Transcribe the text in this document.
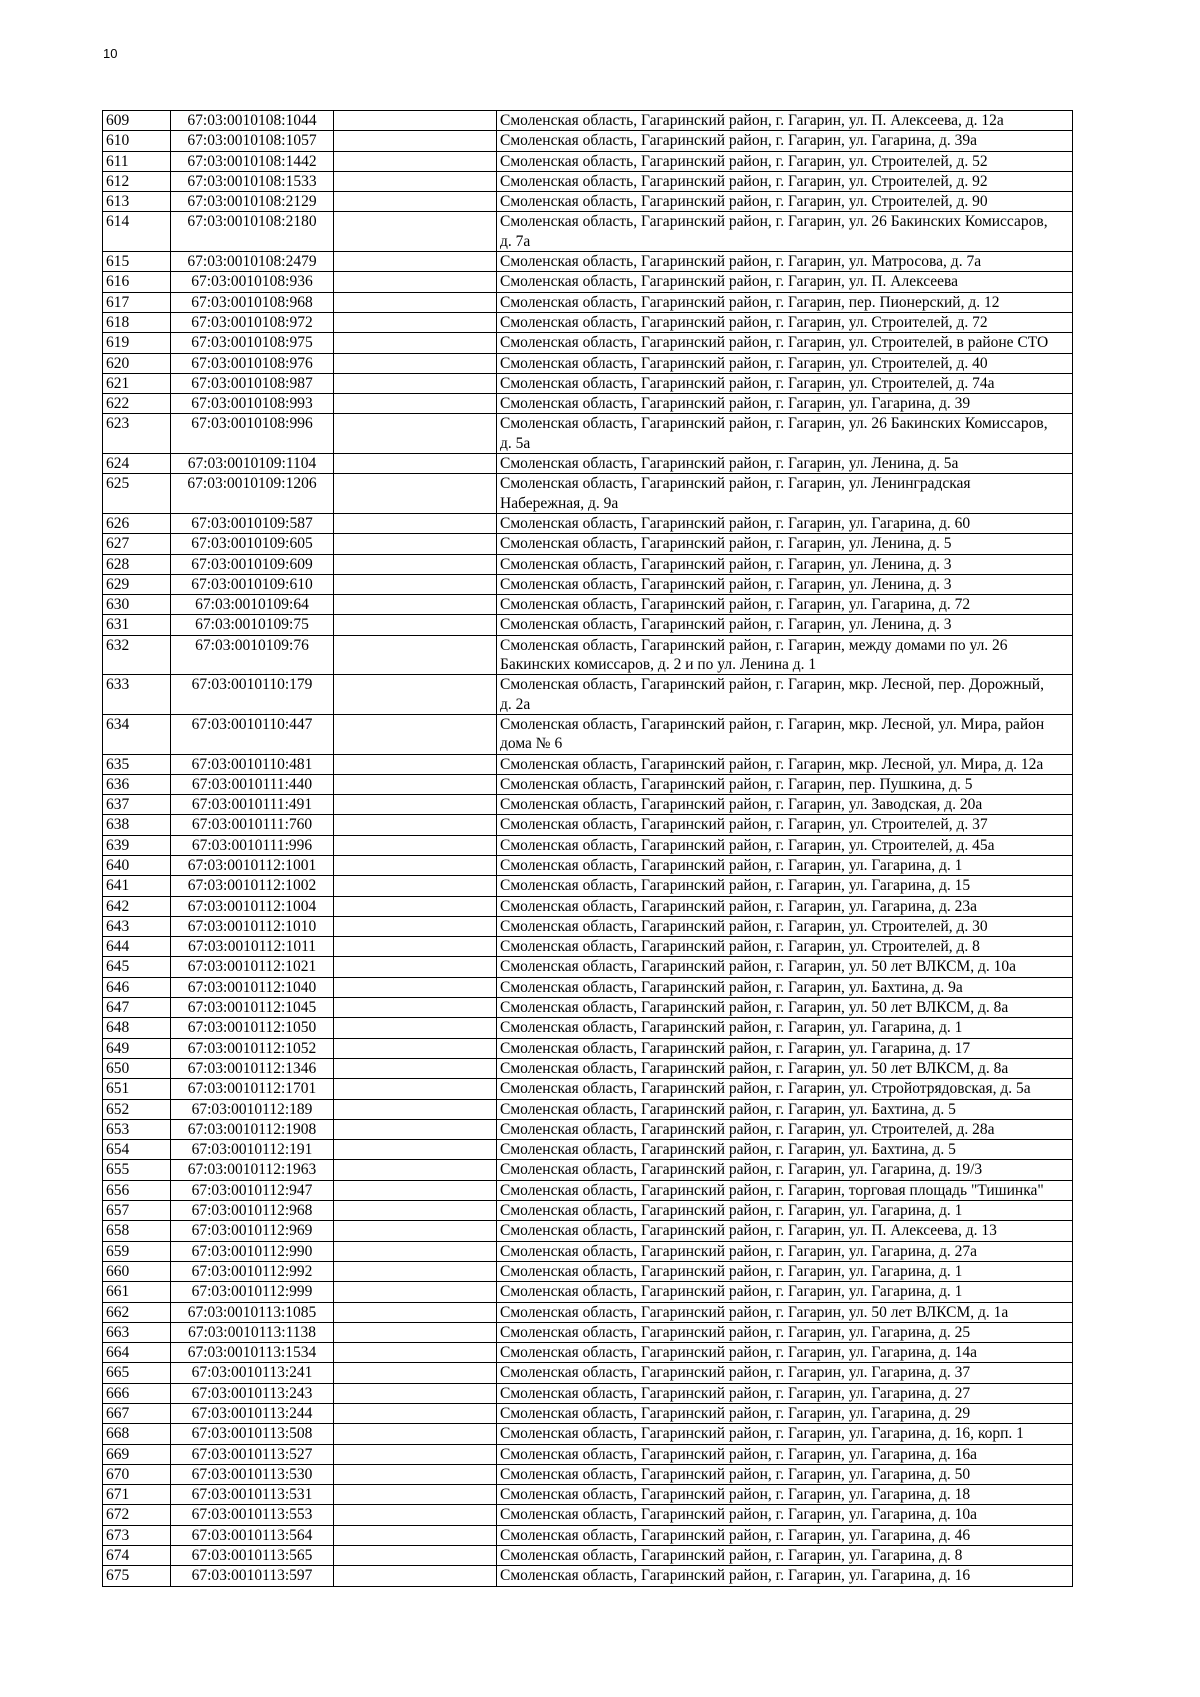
10
609	67:03:0010108:1044		Смоленская область, Гагаринский район, г. Гагарин, ул. П. Алексеева, д. 12а
610	67:03:0010108:1057		Смоленская область, Гагаринский район, г. Гагарин, ул. Гагарина, д. 39а
611	67:03:0010108:1442		Смоленская область, Гагаринский район, г. Гагарин, ул. Строителей, д. 52
612	67:03:0010108:1533		Смоленская область, Гагаринский район, г. Гагарин, ул. Строителей, д. 92
613	67:03:0010108:2129		Смоленская область, Гагаринский район, г. Гагарин, ул. Строителей, д. 90
614	67:03:0010108:2180		Смоленская область, Гагаринский район, г. Гагарин, ул. 26 Бакинских Комиссаров,
д. 7а
615	67:03:0010108:2479		Смоленская область, Гагаринский район, г. Гагарин, ул. Матросова, д. 7а
616	67:03:0010108:936		Смоленская область, Гагаринский район, г. Гагарин, ул. П. Алексеева
617	67:03:0010108:968		Смоленская область, Гагаринский район, г. Гагарин, пер. Пионерский, д. 12
618	67:03:0010108:972		Смоленская область, Гагаринский район, г. Гагарин, ул. Строителей, д. 72
619	67:03:0010108:975		Смоленская область, Гагаринский район, г. Гагарин, ул. Строителей, в районе СТО
620	67:03:0010108:976		Смоленская область, Гагаринский район, г. Гагарин, ул. Строителей, д. 40
621	67:03:0010108:987		Смоленская область, Гагаринский район, г. Гагарин, ул. Строителей, д. 74а
622	67:03:0010108:993		Смоленская область, Гагаринский район, г. Гагарин, ул. Гагарина, д. 39
623	67:03:0010108:996		Смоленская область, Гагаринский район, г. Гагарин, ул. 26 Бакинских Комиссаров,
д. 5а
624	67:03:0010109:1104		Смоленская область, Гагаринский район, г. Гагарин, ул. Ленина, д. 5а
625	67:03:0010109:1206		Смоленская область, Гагаринский район, г. Гагарин, ул. Ленинградская
Набережная, д. 9а
626	67:03:0010109:587		Смоленская область, Гагаринский район, г. Гагарин, ул. Гагарина, д. 60
627	67:03:0010109:605		Смоленская область, Гагаринский район, г. Гагарин, ул. Ленина, д. 5
628	67:03:0010109:609		Смоленская область, Гагаринский район, г. Гагарин, ул. Ленина, д. 3
629	67:03:0010109:610		Смоленская область, Гагаринский район, г. Гагарин, ул. Ленина, д. 3
630	67:03:0010109:64		Смоленская область, Гагаринский район, г. Гагарин, ул. Гагарина, д. 72
631	67:03:0010109:75		Смоленская область, Гагаринский район, г. Гагарин, ул. Ленина, д. 3
632	67:03:0010109:76		Смоленская область, Гагаринский район, г. Гагарин, между домами по ул. 26
Бакинских комиссаров, д. 2 и по ул. Ленина д. 1
633	67:03:0010110:179		Смоленская область, Гагаринский район, г. Гагарин, мкр. Лесной, пер. Дорожный,
д. 2а
634	67:03:0010110:447		Смоленская область, Гагаринский район, г. Гагарин, мкр. Лесной, ул. Мира, район
дома № 6
635	67:03:0010110:481		Смоленская область, Гагаринский район, г. Гагарин, мкр. Лесной, ул. Мира, д. 12а
636	67:03:0010111:440		Смоленская область, Гагаринский район, г. Гагарин, пер. Пушкина, д. 5
637	67:03:0010111:491		Смоленская область, Гагаринский район, г. Гагарин, ул. Заводская, д. 20а
638	67:03:0010111:760		Смоленская область, Гагаринский район, г. Гагарин, ул. Строителей, д. 37
639	67:03:0010111:996		Смоленская область, Гагаринский район, г. Гагарин, ул. Строителей, д. 45а
640	67:03:0010112:1001		Смоленская область, Гагаринский район, г. Гагарин, ул. Гагарина, д. 1
641	67:03:0010112:1002		Смоленская область, Гагаринский район, г. Гагарин, ул. Гагарина, д. 15
642	67:03:0010112:1004		Смоленская область, Гагаринский район, г. Гагарин, ул. Гагарина, д. 23а
643	67:03:0010112:1010		Смоленская область, Гагаринский район, г. Гагарин, ул. Строителей, д. 30
644	67:03:0010112:1011		Смоленская область, Гагаринский район, г. Гагарин, ул. Строителей, д. 8
645	67:03:0010112:1021		Смоленская область, Гагаринский район, г. Гагарин, ул. 50 лет ВЛКСМ, д. 10а
646	67:03:0010112:1040		Смоленская область, Гагаринский район, г. Гагарин, ул. Бахтина, д. 9а
647	67:03:0010112:1045		Смоленская область, Гагаринский район, г. Гагарин, ул. 50 лет ВЛКСМ, д. 8а
648	67:03:0010112:1050		Смоленская область, Гагаринский район, г. Гагарин, ул. Гагарина, д. 1
649	67:03:0010112:1052		Смоленская область, Гагаринский район, г. Гагарин, ул. Гагарина, д. 17
650	67:03:0010112:1346		Смоленская область, Гагаринский район, г. Гагарин, ул. 50 лет ВЛКСМ, д. 8а
651	67:03:0010112:1701		Смоленская область, Гагаринский район, г. Гагарин, ул. Стройотрядовская, д. 5а
652	67:03:0010112:189		Смоленская область, Гагаринский район, г. Гагарин, ул. Бахтина, д. 5
653	67:03:0010112:1908		Смоленская область, Гагаринский район, г. Гагарин, ул. Строителей, д. 28а
654	67:03:0010112:191		Смоленская область, Гагаринский район, г. Гагарин, ул. Бахтина, д. 5
655	67:03:0010112:1963		Смоленская область, Гагаринский район, г. Гагарин, ул. Гагарина, д. 19/3
656	67:03:0010112:947		Смоленская область, Гагаринский район, г. Гагарин, торговая площадь "Тишинка"
657	67:03:0010112:968		Смоленская область, Гагаринский район, г. Гагарин, ул. Гагарина, д. 1
658	67:03:0010112:969		Смоленская область, Гагаринский район, г. Гагарин, ул. П. Алексеева, д. 13
659	67:03:0010112:990		Смоленская область, Гагаринский район, г. Гагарин, ул. Гагарина, д. 27а
660	67:03:0010112:992		Смоленская область, Гагаринский район, г. Гагарин, ул. Гагарина, д. 1
661	67:03:0010112:999		Смоленская область, Гагаринский район, г. Гагарин, ул. Гагарина, д. 1
662	67:03:0010113:1085		Смоленская область, Гагаринский район, г. Гагарин, ул. 50 лет ВЛКСМ, д. 1а
663	67:03:0010113:1138		Смоленская область, Гагаринский район, г. Гагарин, ул. Гагарина, д. 25
664	67:03:0010113:1534		Смоленская область, Гагаринский район, г. Гагарин, ул. Гагарина, д. 14а
665	67:03:0010113:241		Смоленская область, Гагаринский район, г. Гагарин, ул. Гагарина, д. 37
666	67:03:0010113:243		Смоленская область, Гагаринский район, г. Гагарин, ул. Гагарина, д. 27
667	67:03:0010113:244		Смоленская область, Гагаринский район, г. Гагарин, ул. Гагарина, д. 29
668	67:03:0010113:508		Смоленская область, Гагаринский район, г. Гагарин, ул. Гагарина, д. 16, корп. 1
669	67:03:0010113:527		Смоленская область, Гагаринский район, г. Гагарин, ул. Гагарина, д. 16а
670	67:03:0010113:530		Смоленская область, Гагаринский район, г. Гагарин, ул. Гагарина, д. 50
671	67:03:0010113:531		Смоленская область, Гагаринский район, г. Гагарин, ул. Гагарина, д. 18
672	67:03:0010113:553		Смоленская область, Гагаринский район, г. Гагарин, ул. Гагарина, д. 10а
673	67:03:0010113:564		Смоленская область, Гагаринский район, г. Гагарин, ул. Гагарина, д. 46
674	67:03:0010113:565		Смоленская область, Гагаринский район, г. Гагарин, ул. Гагарина, д. 8
675	67:03:0010113:597		Смоленская область, Гагаринский район, г. Гагарин, ул. Гагарина, д. 16
